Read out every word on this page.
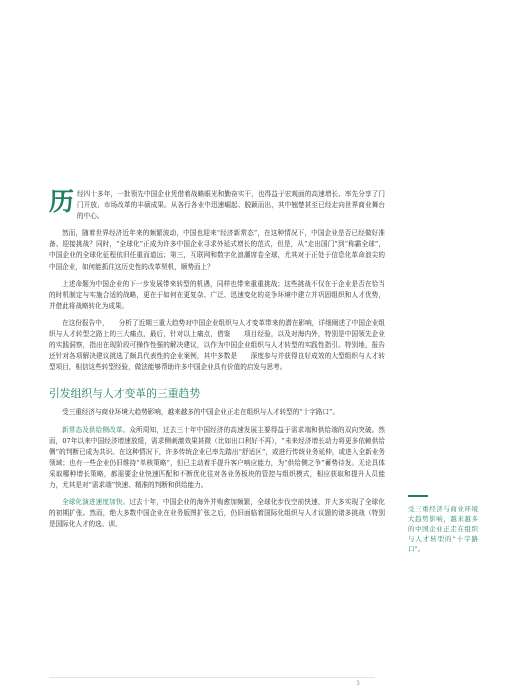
历经四十多年，一批领先中国企业凭借着战略眼光和勤奋实干，也得益于宏观面的高速增长、率先分享了门门开放、市场改革的丰硕成果。从各行各业中迅速崛起、脱颖而出，其中翘楚甚至已经走向世界商业舞台的中心。

然而，随着世界经济近年来的频繁波动，中国也迎来“经济新常态”，在这种情况下，中国企业是否已经做好准备、迎接挑战？同时，“全球化”正成为许多中国企业寻求外延式增长的范式，但是，从“走出国门”到“称霸全球”，中国企业的全球化征程依旧任重而道远；第三，互联网和数字化浪潮席卷全球，尤其对于正处于信息化革命浪尖的中国企业，如何能抓住这历史性的改革契机，顺势而上？

上述命题为中国企业的下一步发展带来转型的机遇，同样也带来重重挑战；这些挑战不仅在于企业是否在恰当的时机制定与实施合适的战略，更在于如何在更复杂、广泛、迅速变化的竞争环境中建立并巩固组织和人才优势，并借此将战略转化为成果。

在这份报告中，　　分析了近期三重大趋势对中国企业组织与人才变革带来的潜在影响，详细阐述了中国企业组织与人才转型之路上的三大痛点，最后，针对以上痛点，借鉴　　项目经验，以及对海内外，特别是中国领先企业的实践洞察，指出在现阶段可操作性强的解决建议，以作为中国企业组织与人才转型的实践性指引。特别地，报告还针对各项解决建议挑选了颇具代表性的企业案例，其中多数是　　深度参与并获得良好成效的大型组织与人才转型项目，相信这些转型经验，做法能够帮助许多中国企业具有价值的启发与思考。

引发组织与人才变革的三重趋势

受三重经济与商业环境大趋势影响，越来越多的中国企业正走在组织与人才转型的“十字路口”。

新常态及供给侧改革。众所周知，过去三十年中国经济的高速发展主要得益于需求端和供给端的双向突破。然而，07年以来中国经济增速放缓，需求侧刺激效果甚微（比如出口利好不再），“未来经济增长动力将更多依赖供给侧”的判断已成为共识。在这种情况下，许多传统企业已率先踏出“舒适区”，或进行传统业务延伸，或进入全新业务领域；也有一些企业仍旧维持“单核策略”，但已主动着手提升客户响应能力，为“供给侧之争”蓄势待发。无论具体采取哪种增长策略，都需要企业快速匹配和不断优化往对各业务板块的管控与组织模式，相应获取和提升人员能力，尤其是对“需求端”快速、精准的判断和供给能力。

全球化演进速度加快。过去十年，中国企业的海外并购愈加频繁，全球化步伐空前快速，并大多实现了全球化的初期扩张。然而，绝大多数中国企业在业务版图扩张之后，仍旧面临着国际化组织与人才议题的诸多挑战（特别是国际化人才的选、训、

受三重经济与商业环境大趋势影响，越来越多的中国企业正走在组织与人才转型的“十字路口”。
3
